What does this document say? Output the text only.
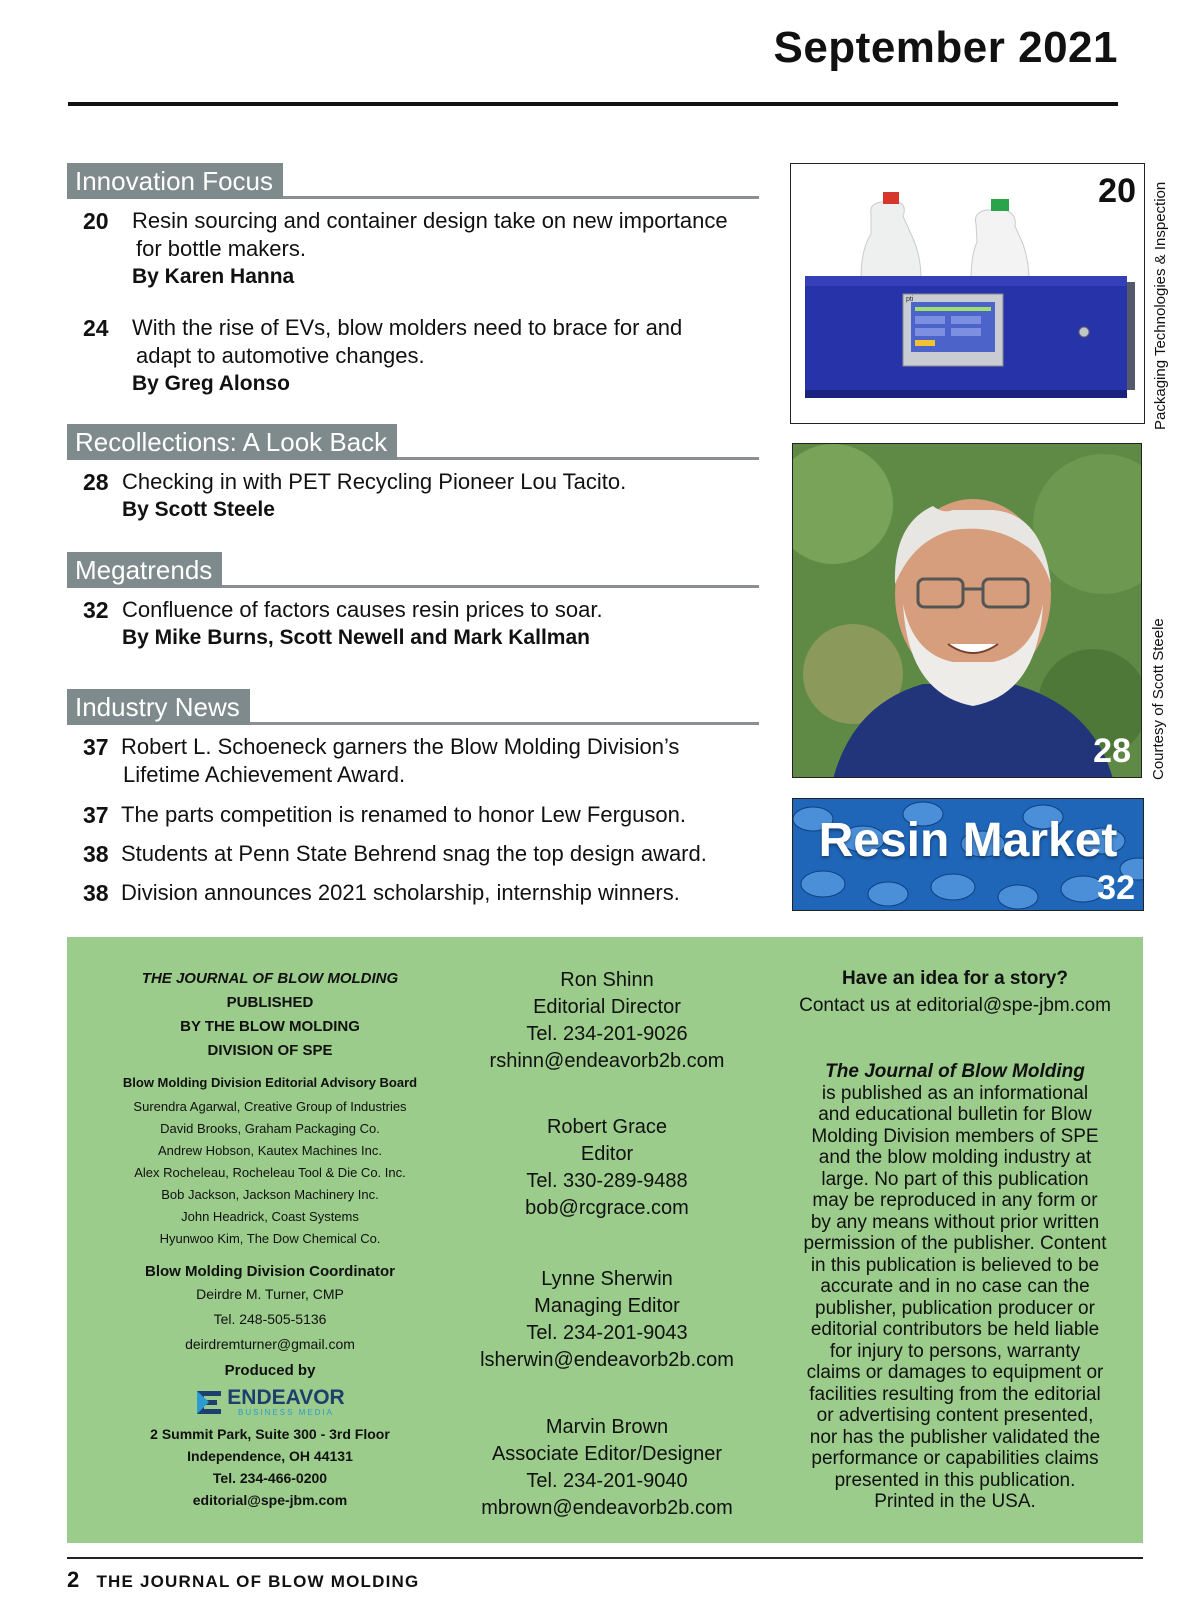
September 2021
Innovation Focus
20 Resin sourcing and container design take on new importance
for bottle makers.
By Karen Hanna
24 With the rise of EVs, blow molders need to brace for and
adapt to automotive changes.
By Greg Alonso
Recollections: A Look Back
28 Checking in with PET Recycling Pioneer Lou Tacito.
By Scott Steele
Megatrends
32 Confluence of factors causes resin prices to soar.
By Mike Burns, Scott Newell and Mark Kallman
Industry News
37 Robert L. Schoeneck garners the Blow Molding Division’s
Lifetime Achievement Award.
37 The parts competition is renamed to honor Lew Ferguson.
38 Students at Penn State Behrend snag the top design award.
38 Division announces 2021 scholarship, internship winners.
pti
20 Packaging Technologies & Inspection
28 Courtesy of Scott Steele
Resin Market
32
THE JOURNAL OF BLOW MOLDING
PUBLISHED
BY THE BLOW MOLDING
DIVISION OF SPE
Blow Molding Division Editorial Advisory Board
Surendra Agarwal, Creative Group of Industries
David Brooks, Graham Packaging Co.
Andrew Hobson, Kautex Machines Inc.
Alex Rocheleau, Rocheleau Tool & Die Co. Inc.
Bob Jackson, Jackson Machinery Inc.
John Headrick, Coast Systems
Hyunwoo Kim, The Dow Chemical Co.
Blow Molding Division Coordinator
Deirdre M. Turner, CMP
Tel. 248-505-5136
deirdremturner@gmail.com
Produced by
ENDEAVOR
BUSINESS MEDIA
2 Summit Park, Suite 300 - 3rd Floor
Independence, OH 44131
Tel. 234-466-0200
editorial@spe-jbm.com
Ron Shinn
Editorial Director
Tel. 234-201-9026
rshinn@endeavorb2b.com
Robert Grace
Editor
Tel. 330-289-9488
bob@rcgrace.com
Lynne Sherwin
Managing Editor
Tel. 234-201-9043
lsherwin@endeavorb2b.com
Marvin Brown
Associate Editor/Designer
Tel. 234-201-9040
mbrown@endeavorb2b.com
Have an idea for a story?
Contact us at editorial@spe-jbm.com
The Journal of Blow Molding
is published as an informational
and educational bulletin for Blow
Molding Division members of SPE
and the blow molding industry at
large. No part of this publication
may be reproduced in any form or
by any means without prior written
permission of the publisher. Content
in this publication is believed to be
accurate and in no case can the
publisher, publication producer or
editorial contributors be held liable
for injury to persons, warranty
claims or damages to equipment or
facilities resulting from the editorial
or advertising content presented,
nor has the publisher validated the
performance or capabilities claims
presented in this publication.
Printed in the USA.
2 THE JOURNAL OF BLOW MOLDING
